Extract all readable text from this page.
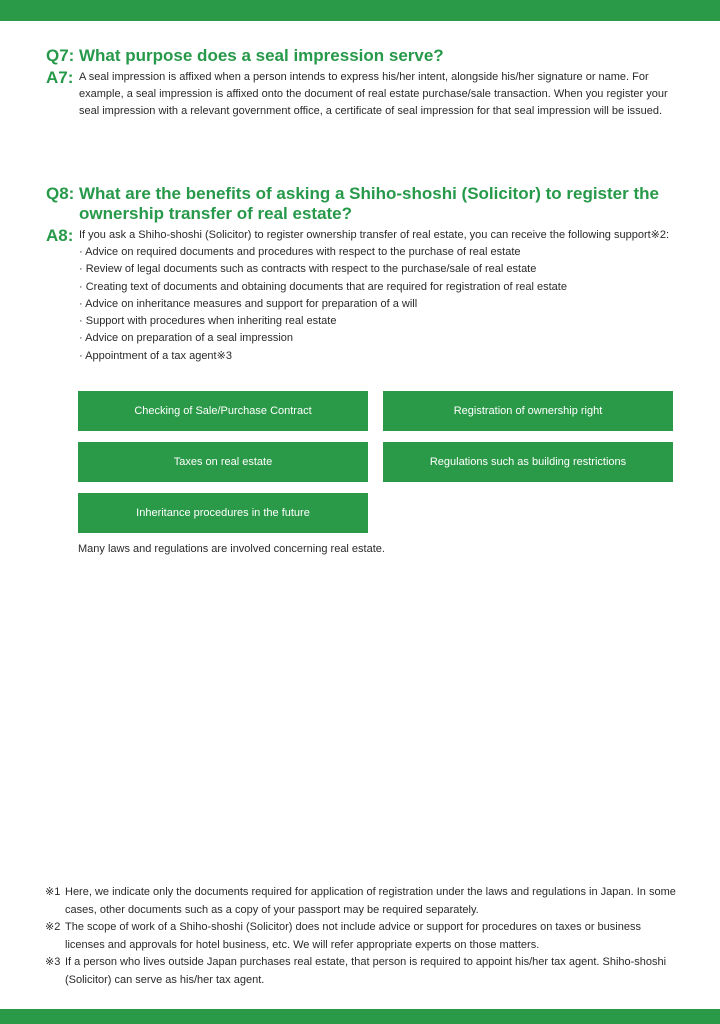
Q7: What purpose does a seal impression serve?
A7: A seal impression is affixed when a person intends to express his/her intent, alongside his/her signature or name. For example, a seal impression is affixed onto the document of real estate purchase/sale transaction. When you register your seal impression with a relevant government office, a certificate of seal impression for that seal impression will be issued.
Q8: What are the benefits of asking a Shiho-shoshi (Solicitor) to register the ownership transfer of real estate?
A8: If you ask a Shiho-shoshi (Solicitor) to register ownership transfer of real estate, you can receive the following support※2:
· Advice on required documents and procedures with respect to the purchase of real estate
· Review of legal documents such as contracts with respect to the purchase/sale of real estate
· Creating text of documents and obtaining documents that are required for registration of real estate
· Advice on inheritance measures and support for preparation of a will
· Support with procedures when inheriting real estate
· Advice on preparation of a seal impression
· Appointment of a tax agent※3
Checking of Sale/Purchase Contract	Registration of ownership right
Taxes on real estate	Regulations such as building restrictions
Inheritance procedures in the future
Many laws and regulations are involved concerning real estate.
※1 Here, we indicate only the documents required for application of registration under the laws and regulations in Japan. In some cases, other documents such as a copy of your passport may be required separately.
※2 The scope of work of a Shiho-shoshi (Solicitor) does not include advice or support for procedures on taxes or business licenses and approvals for hotel business, etc. We will refer appropriate experts on those matters.
※3 If a person who lives outside Japan purchases real estate, that person is required to appoint his/her tax agent. Shiho-shoshi (Solicitor) can serve as his/her tax agent.
